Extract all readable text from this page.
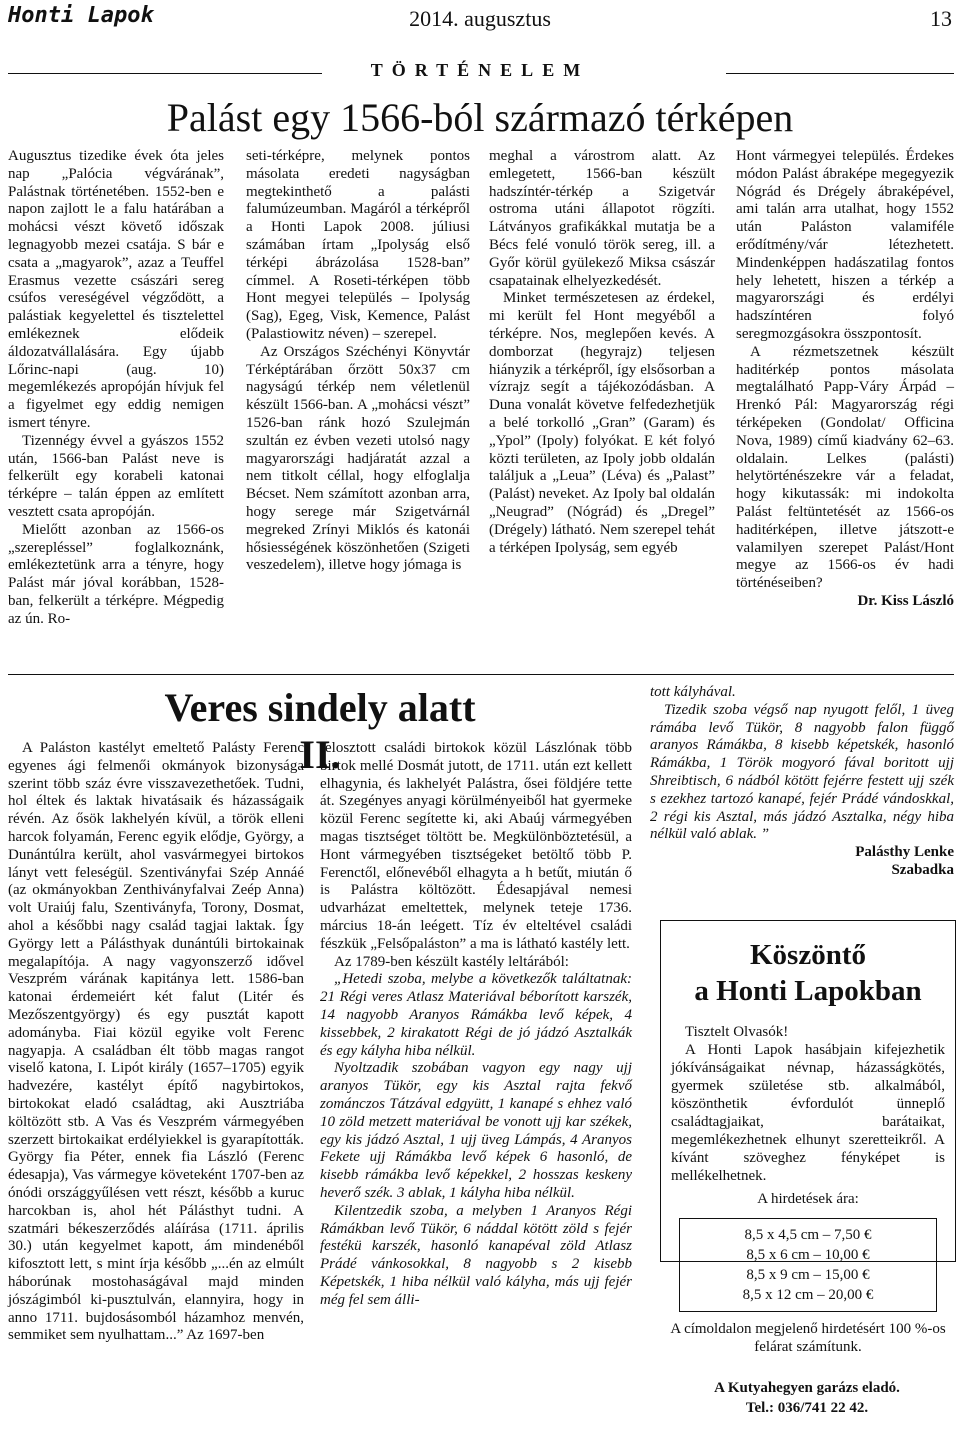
Honti Lapok	2014. augusztus	13
TÖRTÉNELEM
Palást egy 1566-ból származó térképen

Augusztus tizedike évek óta jeles nap „Palócia végvárának”, Palástnak történetében. 1552-ben e napon zajlott le a falu határában a mohácsi vészt követő időszak legnagyobb mezei csatája. S bár e csata a „magyarok”, azaz a Teuffel Erasmus vezette császári sereg csúfos vereségével végződött, a palástiak kegyelettel és tisztelettel emlékeznek elődeik áldozatvállalására. Egy újabb Lőrinc-napi (aug. 10) megemlékezés apropóján hívjuk fel a figyelmet egy eddig nemigen ismert tényre.

Tizennégy évvel a gyászos 1552 után, 1566-ban Palást neve is felkerült egy korabeli katonai térképre – talán éppen az említett vesztett csata apropóján.

Mielőtt azonban az 1566-os „szerepléssel” foglalkoznánk, emlékeztetünk arra a tényre, hogy Palást már jóval korábban, 1528-ban, felkerült a térképre. Mégpedig az ún. Ro-

seti-térképre, melynek pontos másolata eredeti nagyságban megtekinthető a palásti falumúzeumban. Magáról a térképről a Honti Lapok 2008. júliusi számában írtam „Ipolyság első térképi ábrázolása 1528-ban” címmel. A Roseti-térképen több Hont megyei település – Ipolyság (Sag), Egeg, Visk, Kemence, Palást (Palastiowitz néven) – szerepel.

Az Országos Széchényi Könyvtár Térképtárában őrzött 50x37 cm nagyságú térkép nem véletlenül készült 1566-ban. A „mohácsi vészt” 1526-ban ránk hozó Szulejmán szultán ez évben vezeti utolsó nagy magyarországi hadjáratát azzal a nem titkolt céllal, hogy elfoglalja Bécset. Nem számított azonban arra, hogy serege már Szigetvárnál megreked Zrínyi Miklós és katonái hősiességének köszönhetően (Szigeti veszedelem), illetve hogy jómaga is

meghal a várostrom alatt. Az emlegetett, 1566-ban készült hadszíntér-térkép a Szigetvár ostroma utáni állapotot rögzíti. Látványos grafikákkal mutatja be a Bécs felé vonuló török sereg, ill. a Győr körül gyülekező Miksa császár csapatainak elhelyezkedését.

Minket természetesen az érdekel, mi került fel Hont megyéből a térképre. Nos, meglepően kevés. A domborzat (hegyrajz) teljesen hiányzik a térképről, így elsősorban a vízrajz segít a tájékozódásban. A Duna vonalát követve felfedezhetjük a belé torkolló „Gran” (Garam) és „Ypol” (Ipoly) folyókat. E két folyó közti területen, az Ipoly jobb oldalán találjuk a „Leua” (Léva) és „Palast” (Palást) neveket. Az Ipoly bal oldalán „Neugrad” (Nógrád) és „Dregel” (Drégely) látható. Nem szerepel tehát a térképen Ipolyság, sem egyéb

Hont vármegyei település. Érdekes módon Palást ábraképe megegyezik Nógrád és Drégely ábraképével, ami talán arra utalhat, hogy 1552 után Paláston valamiféle erődítmény/vár létezhetett. Mindenképpen hadászatilag fontos hely lehetett, hiszen a térkép a magyarországi és erdélyi hadszíntéren folyó seregmozgásokra összpontosít.

A rézmetszetnek készült haditérkép pontos másolata megtalálható Papp-Váry Árpád – Hrenkó Pál: Magyarország régi térképeken (Gondolat/ Officina Nova, 1989) című kiadvány 62–63. oldalain. Lelkes (palásti) helytörténészekre vár a feladat, hogy kikutassák: mi indokolta Palást feltüntetését az 1566-os haditérképen, illetve játszott-e valamilyen szerepet Palást/Hont megye az 1566-os év hadi történéseiben?

Dr. Kiss László

Veres sindely alatt II.

A Paláston kastélyt emeltető Palásty Ferenc egyenes ági felmenői okmányok bizonysága szerint több száz évre visszavezethetőek. Tudni, hol éltek és laktak hivatásaik és házasságaik révén. Az ősök lakhelyén kívül, a török elleni harcok folyamán, Ferenc egyik elődje, György, a Dunántúlra került, ahol vasvármegyei birtokos lányt vett feleségül. Szentiványfai Szép Annáé (az okmányokban Zenthiványfalvai Zeép Anna) volt Uraiúj falu, Szentiványfa, Torony, Dosmat, ahol a későbbi nagy család tagjai laktak. Így György lett a Pálásthyak dunántúli birtokainak megalapítója. A nagy vagyonszerző idővel Veszprém várának kapitánya lett. 1586-ban katonai érdemeiért két falut (Litér és Mezőszentgyörgy) és egy pusztát kapott adományba. Fiai közül egyike volt Ferenc nagyapja. A családban élt több magas rangot viselő katona, I. Lipót király (1657–1705) egyik hadvezére, kastélyt építő nagybirtokos, birtokokat eladó családtag, aki Ausztriába költözött stb. A Vas és Veszprém vármegyében szerzett birtokaikat erdélyiekkel is gyarapították. György fia Péter, ennek fia László (Ferenc édesapja), Vas vármegye követeként 1707-ben az ónódi országgyűlésen vett részt, később a kuruc harcokban is, ahol hét Pálásthyt tudni. A szatmári békeszerződés aláírása (1711. április 30.) után kegyelmet kapott, ám mindenéből kifosztott lett, s mint írja később „...én az elmúlt háborúnak mostohaságával majd minden jószágimból ki-pusztulván, elannyira, hogy in anno 1711. bujdosásomból házamhoz menvén, semmiket sem nyulhattam...” Az 1697-ben

felosztott családi birtokok közül Lászlónak több birtok mellé Dosmát jutott, de 1711. után ezt kellett elhagynia, és lakhelyét Palástra, ősei földjére tette át. Szegényes anyagi körülményeiből hat gyermeke közül Ferenc segítette ki, aki Abaúj vármegyében magas tisztséget töltött be. Megkülönböztetésül, a Hont vármegyében tisztségeket betöltő több P. Ferenctől, előnevéből elhagyta a h betűt, miután ő is Palástra költözött. Édesapjával nemesi udvarházat emeltettek, melynek teteje 1736. március 18-án leégett. Tíz év elteltével családi fészkük „Felsőpaláston” a ma is látható kastély lett.

Az 1789-ben készült kastély leltárából:

„Hetedi szoba, melybe a következők találtatnak: 21 Régi veres Atlasz Materiával béborított karszék, 14 nagyobb Aranyos Rámákba levő képek, 4 kissebbek, 2 kirakatott Régi de jó jádzó Asztalkák és egy kályha hiba nélkül.

Nyoltzadik szobában vagyon egy nagy ujj aranyos Tükör, egy kis Asztal rajta fekvő zománczos Tátzával edgyütt, 1 kanapé s ehhez való 10 zöld metzett materiával be vonott ujj kar székek, egy kis jádzó Asztal, 1 ujj üveg Lámpás, 4 Aranyos Fekete ujj Rámákba levő képek 6 hasonló, de kisebb rámákba levő képekkel, 2 hosszas keskeny heverő szék. 3 ablak, 1 kályha hiba nélkül.

Kilentzedik szoba, a melyben 1 Aranyos Régi Rámákban levő Tükör, 6 náddal kötött zöld s fejér festékü karszék, hasonló kanapéval zöld Atlasz Prádé vánkosokkal, 8 nagyobb s 2 kisebb Képetskék, 1 hiba nélkül való kályha, más ujj fejér még fel sem álli-

tott kályhával.

Tizedik szoba végső nap nyugott felől, 1 üveg rámába levő Tükör, 8 nagyobb falon függő aranyos Rámákba, 8 kisebb képetskék, hasonló Rámákba, 1 Török mogyoró fával boritott ujj Shreibtisch, 6 nádból kötött fejérre festett ujj szék s ezekhez tartozó kanapé, fejér Prádé vándoskkal, 2 régi kis Asztal, más jádzó Asztalka, négy hiba nélkül való ablak. ”

Palásthy Lenke

Szabadka

Köszöntő
a Honti Lapokban

Tisztelt Olvasók!

A Honti Lapok hasábjain kifejezhetik jókívánságaikat névnap, házasságkötés, gyermek születése stb. alkalmából, köszönthetik évfordulót ünneplő családtagjaikat, barátaikat, megemlékezhetnek elhunyt szeretteikről. A kívánt szöveghez fényképet is mellékelhetnek.

A hirdetések ára:
8,5 x 4,5 cm – 7,50 €
8,5 x 6 cm – 10,00 €
8,5 x 9 cm – 15,00 €
8,5 x 12 cm – 20,00 €
A címoldalon megjelenő hirdetésért 100 %-os felárat számítunk.
A Kutyahegyen garázs eladó.
Tel.: 036/741 22 42.
